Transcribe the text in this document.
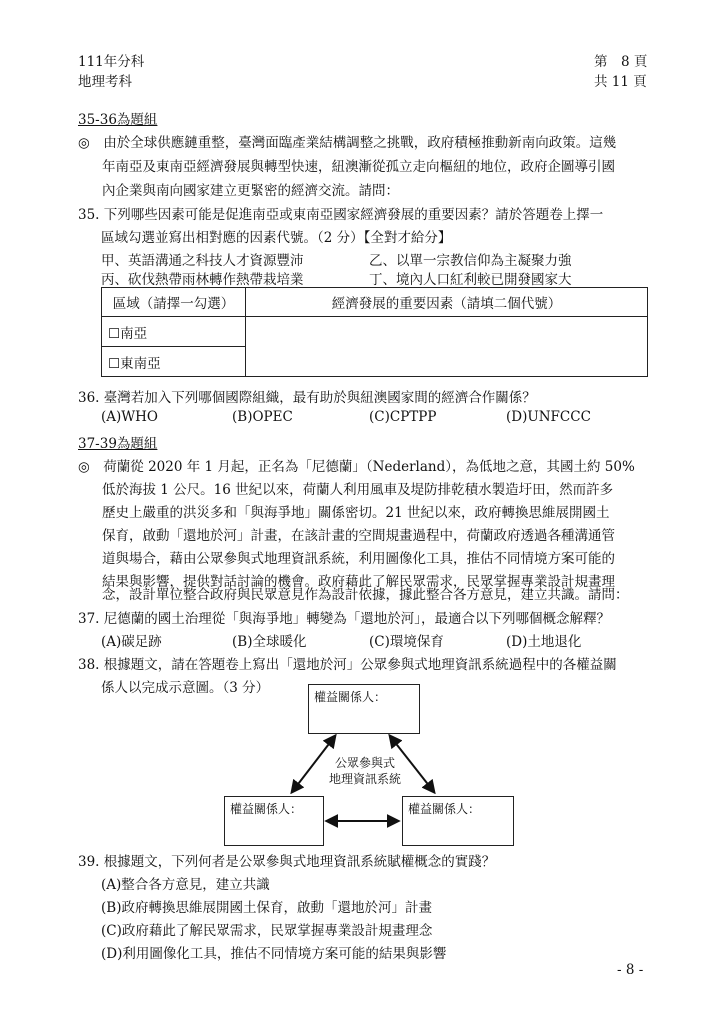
111年分科
地理考科
第　8 頁
共 11 頁
35-36為題組
◎　由於全球供應鏈重整，臺灣面臨產業結構調整之挑戰，政府積極推動新南向政策。這幾
年南亞及東南亞經濟發展與轉型快速，紐澳漸從孤立走向樞紐的地位，政府企圖導引國
內企業與南向國家建立更緊密的經濟交流。請問：
35. 下列哪些因素可能是促進南亞或東南亞國家經濟發展的重要因素？請於答題卷上擇一
區域勾選並寫出相對應的因素代號。（2 分）【全對才給分】
甲、英語溝通之科技人才資源豐沛	乙、以單一宗教信仰為主凝聚力強
丙、砍伐熱帶雨林轉作熱帶栽培業	丁、境內人口紅利較已開發國家大
區域（請擇一勾選）	經濟發展的重要因素（請填二個代號）
☐南亞	
☐東南亞	
36. 臺灣若加入下列哪個國際組織，最有助於與紐澳國家間的經濟合作關係？
(A)WHO	(B)OPEC	(C)CPTPP	(D)UNFCCC
37-39為題組
◎　荷蘭從 2020 年 1 月起，正名為「尼德蘭」（Nederland），為低地之意，其國土約 50%
低於海拔 1 公尺。16 世紀以來，荷蘭人利用風車及堤防排乾積水製造圩田，然而許多
歷史上嚴重的洪災多和「與海爭地」關係密切。21 世紀以來，政府轉換思維展開國土
保育，啟動「還地於河」計畫，在該計畫的空間規畫過程中，荷蘭政府透過各種溝通管
道與場合，藉由公眾參與式地理資訊系統，利用圖像化工具，推估不同情境方案可能的
結果與影響，提供對話討論的機會。政府藉此了解民眾需求，民眾掌握專業設計規畫理
念，設計單位整合政府與民眾意見作為設計依據，據此整合各方意見，建立共識。請問：
37. 尼德蘭的國土治理從「與海爭地」轉變為「還地於河」，最適合以下列哪個概念解釋？
(A)碳足跡	(B)全球暖化	(C)環境保育	(D)土地退化
38. 根據題文，請在答題卷上寫出「還地於河」公眾參與式地理資訊系統過程中的各權益關
係人以完成示意圖。（3 分）
權益關係人：
權益關係人：	權益關係人：
公眾參與式
地理資訊系統
39. 根據題文，下列何者是公眾參與式地理資訊系統賦權概念的實踐？
(A)整合各方意見，建立共識
(B)政府轉換思維展開國土保育，啟動「還地於河」計畫
(C)政府藉此了解民眾需求，民眾掌握專業設計規畫理念
(D)利用圖像化工具，推估不同情境方案可能的結果與影響
- 8 -
